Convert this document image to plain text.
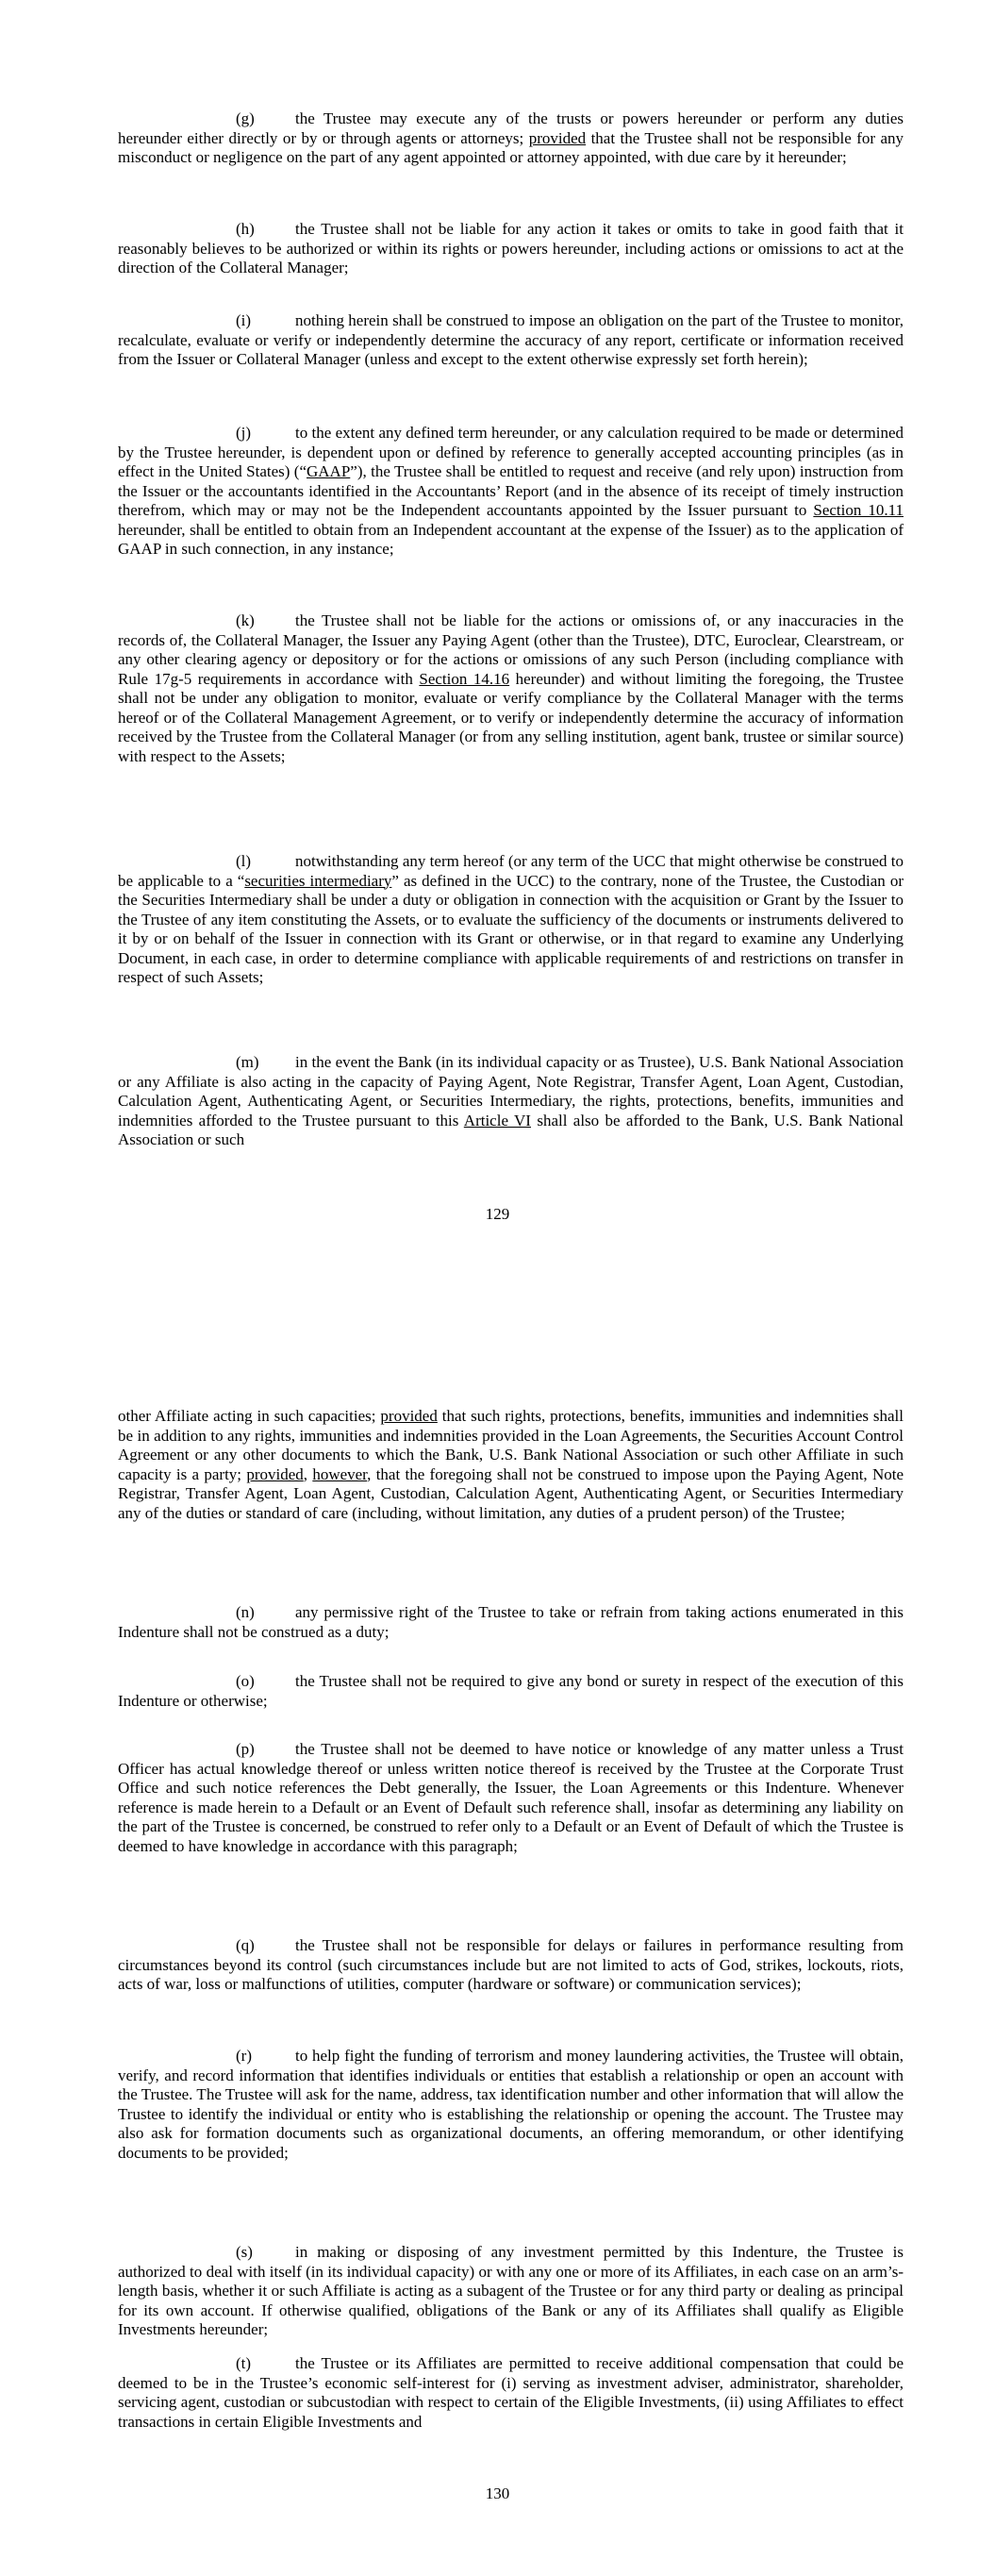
(g)	the Trustee may execute any of the trusts or powers hereunder or perform any duties hereunder either directly or by or through agents or attorneys; provided that the Trustee shall not be responsible for any misconduct or negligence on the part of any agent appointed or attorney appointed, with due care by it hereunder;

(h)	the Trustee shall not be liable for any action it takes or omits to take in good faith that it reasonably believes to be authorized or within its rights or powers hereunder, including actions or omissions to act at the direction of the Collateral Manager;

(i)	nothing herein shall be construed to impose an obligation on the part of the Trustee to monitor, recalculate, evaluate or verify or independently determine the accuracy of any report, certificate or information received from the Issuer or Collateral Manager (unless and except to the extent otherwise expressly set forth herein);

(j)	to the extent any defined term hereunder, or any calculation required to be made or determined by the Trustee hereunder, is dependent upon or defined by reference to generally accepted accounting principles (as in effect in the United States) (“GAAP”), the Trustee shall be entitled to request and receive (and rely upon) instruction from the Issuer or the accountants identified in the Accountants’ Report (and in the absence of its receipt of timely instruction therefrom, which may or may not be the Independent accountants appointed by the Issuer pursuant to Section 10.11 hereunder, shall be entitled to obtain from an Independent accountant at the expense of the Issuer) as to the application of GAAP in such connection, in any instance;

(k)	the Trustee shall not be liable for the actions or omissions of, or any inaccuracies in the records of, the Collateral Manager, the Issuer any Paying Agent (other than the Trustee), DTC, Euroclear, Clearstream, or any other clearing agency or depository or for the actions or omissions of any such Person (including compliance with Rule 17g-5 requirements in accordance with Section 14.16 hereunder) and without limiting the foregoing, the Trustee shall not be under any obligation to monitor, evaluate or verify compliance by the Collateral Manager with the terms hereof or of the Collateral Management Agreement, or to verify or independently determine the accuracy of information received by the Trustee from the Collateral Manager (or from any selling institution, agent bank, trustee or similar source) with respect to the Assets;

(l)	notwithstanding any term hereof (or any term of the UCC that might otherwise be construed to be applicable to a “securities intermediary” as defined in the UCC) to the contrary, none of the Trustee, the Custodian or the Securities Intermediary shall be under a duty or obligation in connection with the acquisition or Grant by the Issuer to the Trustee of any item constituting the Assets, or to evaluate the sufficiency of the documents or instruments delivered to it by or on behalf of the Issuer in connection with its Grant or otherwise, or in that regard to examine any Underlying Document, in each case, in order to determine compliance with applicable requirements of and restrictions on transfer in respect of such Assets;

(m) in the event the Bank (in its individual capacity or as Trustee), U.S. Bank National Association or any Affiliate is also acting in the capacity of Paying Agent, Note Registrar, Transfer Agent, Loan Agent, Custodian, Calculation Agent, Authenticating Agent, or Securities Intermediary, the rights, protections, benefits, immunities and indemnities afforded to the Trustee pursuant to this Article VI shall also be afforded to the Bank, U.S. Bank National Association or such

129

other Affiliate acting in such capacities; provided that such rights, protections, benefits, immunities and indemnities shall be in addition to any rights, immunities and indemnities provided in the Loan Agreements, the Securities Account Control Agreement or any other documents to which the Bank, U.S. Bank National Association or such other Affiliate in such capacity is a party; provided, however, that the foregoing shall not be construed to impose upon the Paying Agent, Note Registrar, Transfer Agent, Loan Agent, Custodian, Calculation Agent, Authenticating Agent, or Securities Intermediary any of the duties or standard of care (including, without limitation, any duties of a prudent person) of the Trustee;

(n)	any permissive right of the Trustee to take or refrain from taking actions enumerated in this Indenture shall not be construed as a duty;

(o)	the Trustee shall not be required to give any bond or surety in respect of the execution of this Indenture or otherwise;

(p)	the Trustee shall not be deemed to have notice or knowledge of any matter unless a Trust Officer has actual knowledge thereof or unless written notice thereof is received by the Trustee at the Corporate Trust Office and such notice references the Debt generally, the Issuer, the Loan Agreements or this Indenture. Whenever reference is made herein to a Default or an Event of Default such reference shall, insofar as determining any liability on the part of the Trustee is concerned, be construed to refer only to a Default or an Event of Default of which the Trustee is deemed to have knowledge in accordance with this paragraph;

(q)	the Trustee shall not be responsible for delays or failures in performance resulting from circumstances beyond its control (such circumstances include but are not limited to acts of God, strikes, lockouts, riots, acts of war, loss or malfunctions of utilities, computer (hardware or software) or communication services);

(r)	to help fight the funding of terrorism and money laundering activities, the Trustee will obtain, verify, and record information that identifies individuals or entities that establish a relationship or open an account with the Trustee. The Trustee will ask for the name, address, tax identification number and other information that will allow the Trustee to identify the individual or entity who is establishing the relationship or opening the account. The Trustee may also ask for formation documents such as organizational documents, an offering memorandum, or other identifying documents to be provided;

(s)	in making or disposing of any investment permitted by this Indenture, the Trustee is authorized to deal with itself (in its individual capacity) or with any one or more of its Affiliates, in each case on an arm’s-length basis, whether it or such Affiliate is acting as a subagent of the Trustee or for any third party or dealing as principal for its own account. If otherwise qualified, obligations of the Bank or any of its Affiliates shall qualify as Eligible Investments hereunder;

(t)	the Trustee or its Affiliates are permitted to receive additional compensation that could be deemed to be in the Trustee’s economic self-interest for (i) serving as investment adviser, administrator, shareholder, servicing agent, custodian or subcustodian with respect to certain of the Eligible Investments, (ii) using Affiliates to effect transactions in certain Eligible Investments and

130
